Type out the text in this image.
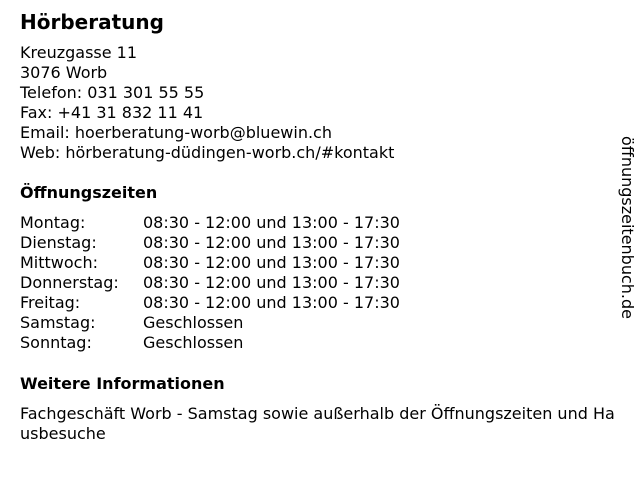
Hörberatung
Kreuzgasse 11
3076 Worb
Telefon: 031 301 55 55
Fax: +41 31 832 11 41
Email: hoerberatung-worb@bluewin.ch
Web: hörberatung-düdingen-worb.ch/#kontakt
Öffnungszeiten
Montag:	08:30 - 12:00 und 13:00 - 17:30
Dienstag:	08:30 - 12:00 und 13:00 - 17:30
Mittwoch:	08:30 - 12:00 und 13:00 - 17:30
Donnerstag:	08:30 - 12:00 und 13:00 - 17:30
Freitag:	08:30 - 12:00 und 13:00 - 17:30
Samstag:	Geschlossen
Sonntag:	Geschlossen
Weitere Informationen
Fachgeschäft Worb - Samstag sowie außerhalb der Öffnungszeiten und Hausbesuche
öffnungszeitenbuch.de
